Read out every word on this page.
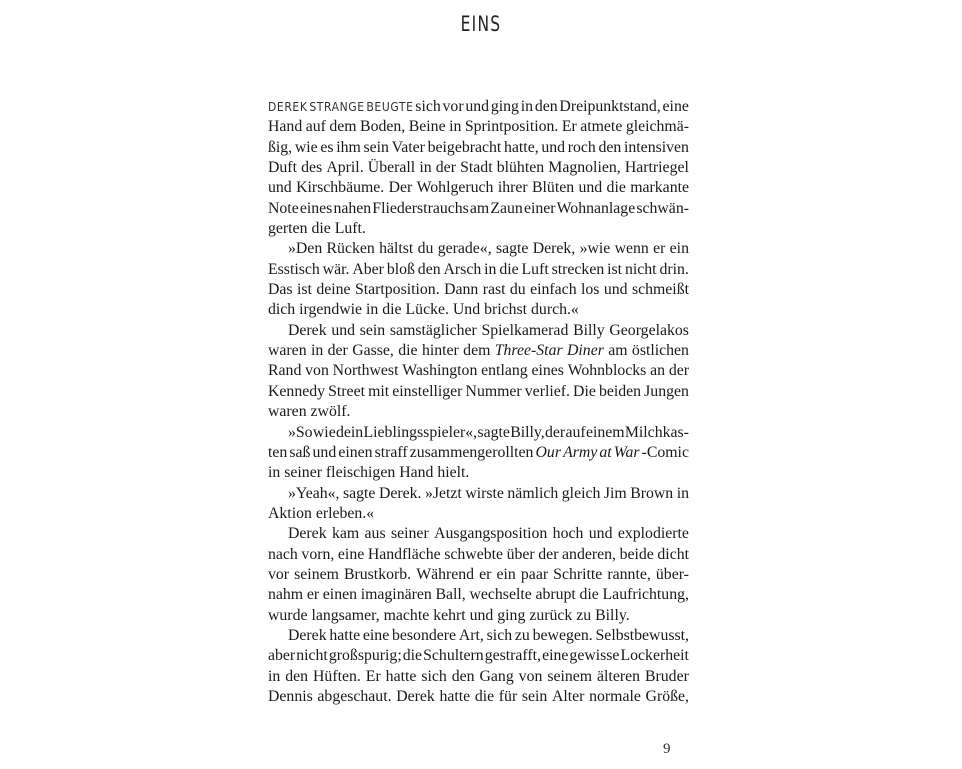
EINS
DEREK STRANGE BEUGTE sich vor und ging in den Dreipunktstand, eine
Hand auf dem Boden, Beine in Sprintposition. Er atmete gleichmä-
ßig, wie es ihm sein Vater beigebracht hatte, und roch den intensiven
Duft des April. Überall in der Stadt blühten Magnolien, Hartriegel
und Kirschbäume. Der Wohlgeruch ihrer Blüten und die markante
Note eines nahen Fliederstrauchs am Zaun einer Wohnanlage schwän-
gerten
die
Luft.
»Den Rücken hältst du gerade«, sagte Derek, »wie wenn er ein
Esstisch wär. Aber bloß den Arsch in die Luft strecken ist nicht drin.
Das ist deine Startposition. Dann rast du einfach los und schmeißt
dich
irgendwie
in
die
Lücke.
Und
brichst
durch.«
Derek und sein samstäglicher Spielkamerad Billy Georgelakos
waren in der Gasse, die hinter dem Three-Star Diner am östlichen
Rand von Northwest Washington entlang eines Wohnblocks an der
Kennedy Street mit einstelliger Nummer verlief. Die beiden Jungen
waren
zwölf.
»So wie dein Lieblingsspieler«, sagte Billy, der auf einem Milchkas-
ten saß und einen straff zusammengerollten Our Army at War -Comic
in
seiner
fleischigen
Hand
hielt.
»Yeah«, sagte Derek. »Jetzt wirste nämlich gleich Jim Brown in
Aktion
erleben.«
Derek kam aus seiner Ausgangsposition hoch und explodierte
nach vorn, eine Handfläche schwebte über der anderen, beide dicht
vor seinem Brustkorb. Während er ein paar Schritte rannte, über-
nahm er einen imaginären Ball, wechselte abrupt die Laufrichtung,
wurde
langsamer,
machte
kehrt
und
ging
zurück
zu
Billy.
Derek hatte eine besondere Art, sich zu bewegen. Selbstbewusst,
aber nicht großspurig; die Schultern gestrafft, eine gewisse Lockerheit
in den Hüften. Er hatte sich den Gang von seinem älteren Bruder
Dennis abgeschaut. Derek hatte die für sein Alter normale Größe,
9
